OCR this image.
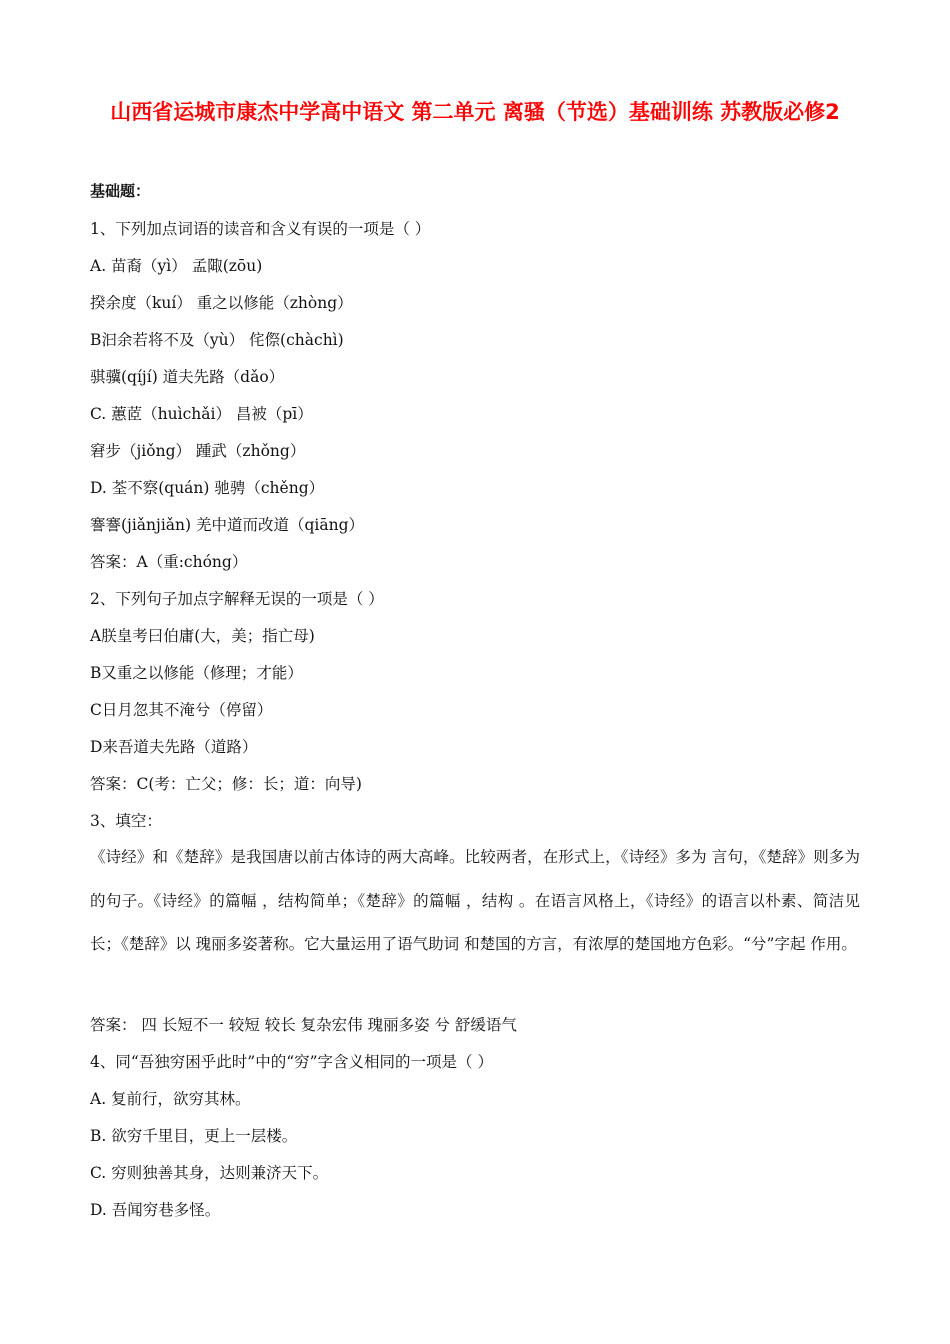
山西省运城市康杰中学高中语文 第二单元 离骚（节选）基础训练 苏教版必修2
基础题：
1、下列加点词语的读音和含义有误的一项是（ ）
A. 苗裔（yì） 孟陬(zōu)
揆余度（kuí） 重之以修能（zhòng）
B汩余若将不及（yù） 侘傺(chàchì)
骐骥(qíjí) 道夫先路（dǎo）
C. 蕙茝（huìchǎi） 昌被（pī）
窘步（jiǒng） 踵武（zhǒng）
D. 荃不察(quán) 驰骋（chěng）
謇謇(jiǎnjiǎn) 羌中道而改道（qiāng）
答案：A（重:chóng）
2、下列句子加点字解释无误的一项是（ ）
A朕皇考曰伯庸(大，美；指亡母)
B又重之以修能（修理；才能）
C日月忽其不淹兮（停留）
D来吾道夫先路（道路）
答案：C(考：亡父；修：长；道：向导)
3、填空：
《诗经》和《楚辞》是我国唐以前古体诗的两大高峰。比较两者，在形式上，《诗经》多为 言句，《楚辞》则多为 的句子。《诗经》的篇幅 ，结构简单；《楚辞》的篇幅 ，结构 。在语言风格上，《诗经》的语言以朴素、简洁见长；《楚辞》以 瑰丽多姿著称。它大量运用了语气助词 和楚国的方言，有浓厚的楚国地方色彩。“兮”字起 作用。
答案： 四 长短不一 较短 较长 复杂宏伟 瑰丽多姿 兮 舒缓语气
4、同“吾独穷困乎此时”中的“穷”字含义相同的一项是（ ）
A. 复前行，欲穷其林。
B. 欲穷千里目，更上一层楼。
C. 穷则独善其身，达则兼济天下。
D. 吾闻穷巷多怪。
